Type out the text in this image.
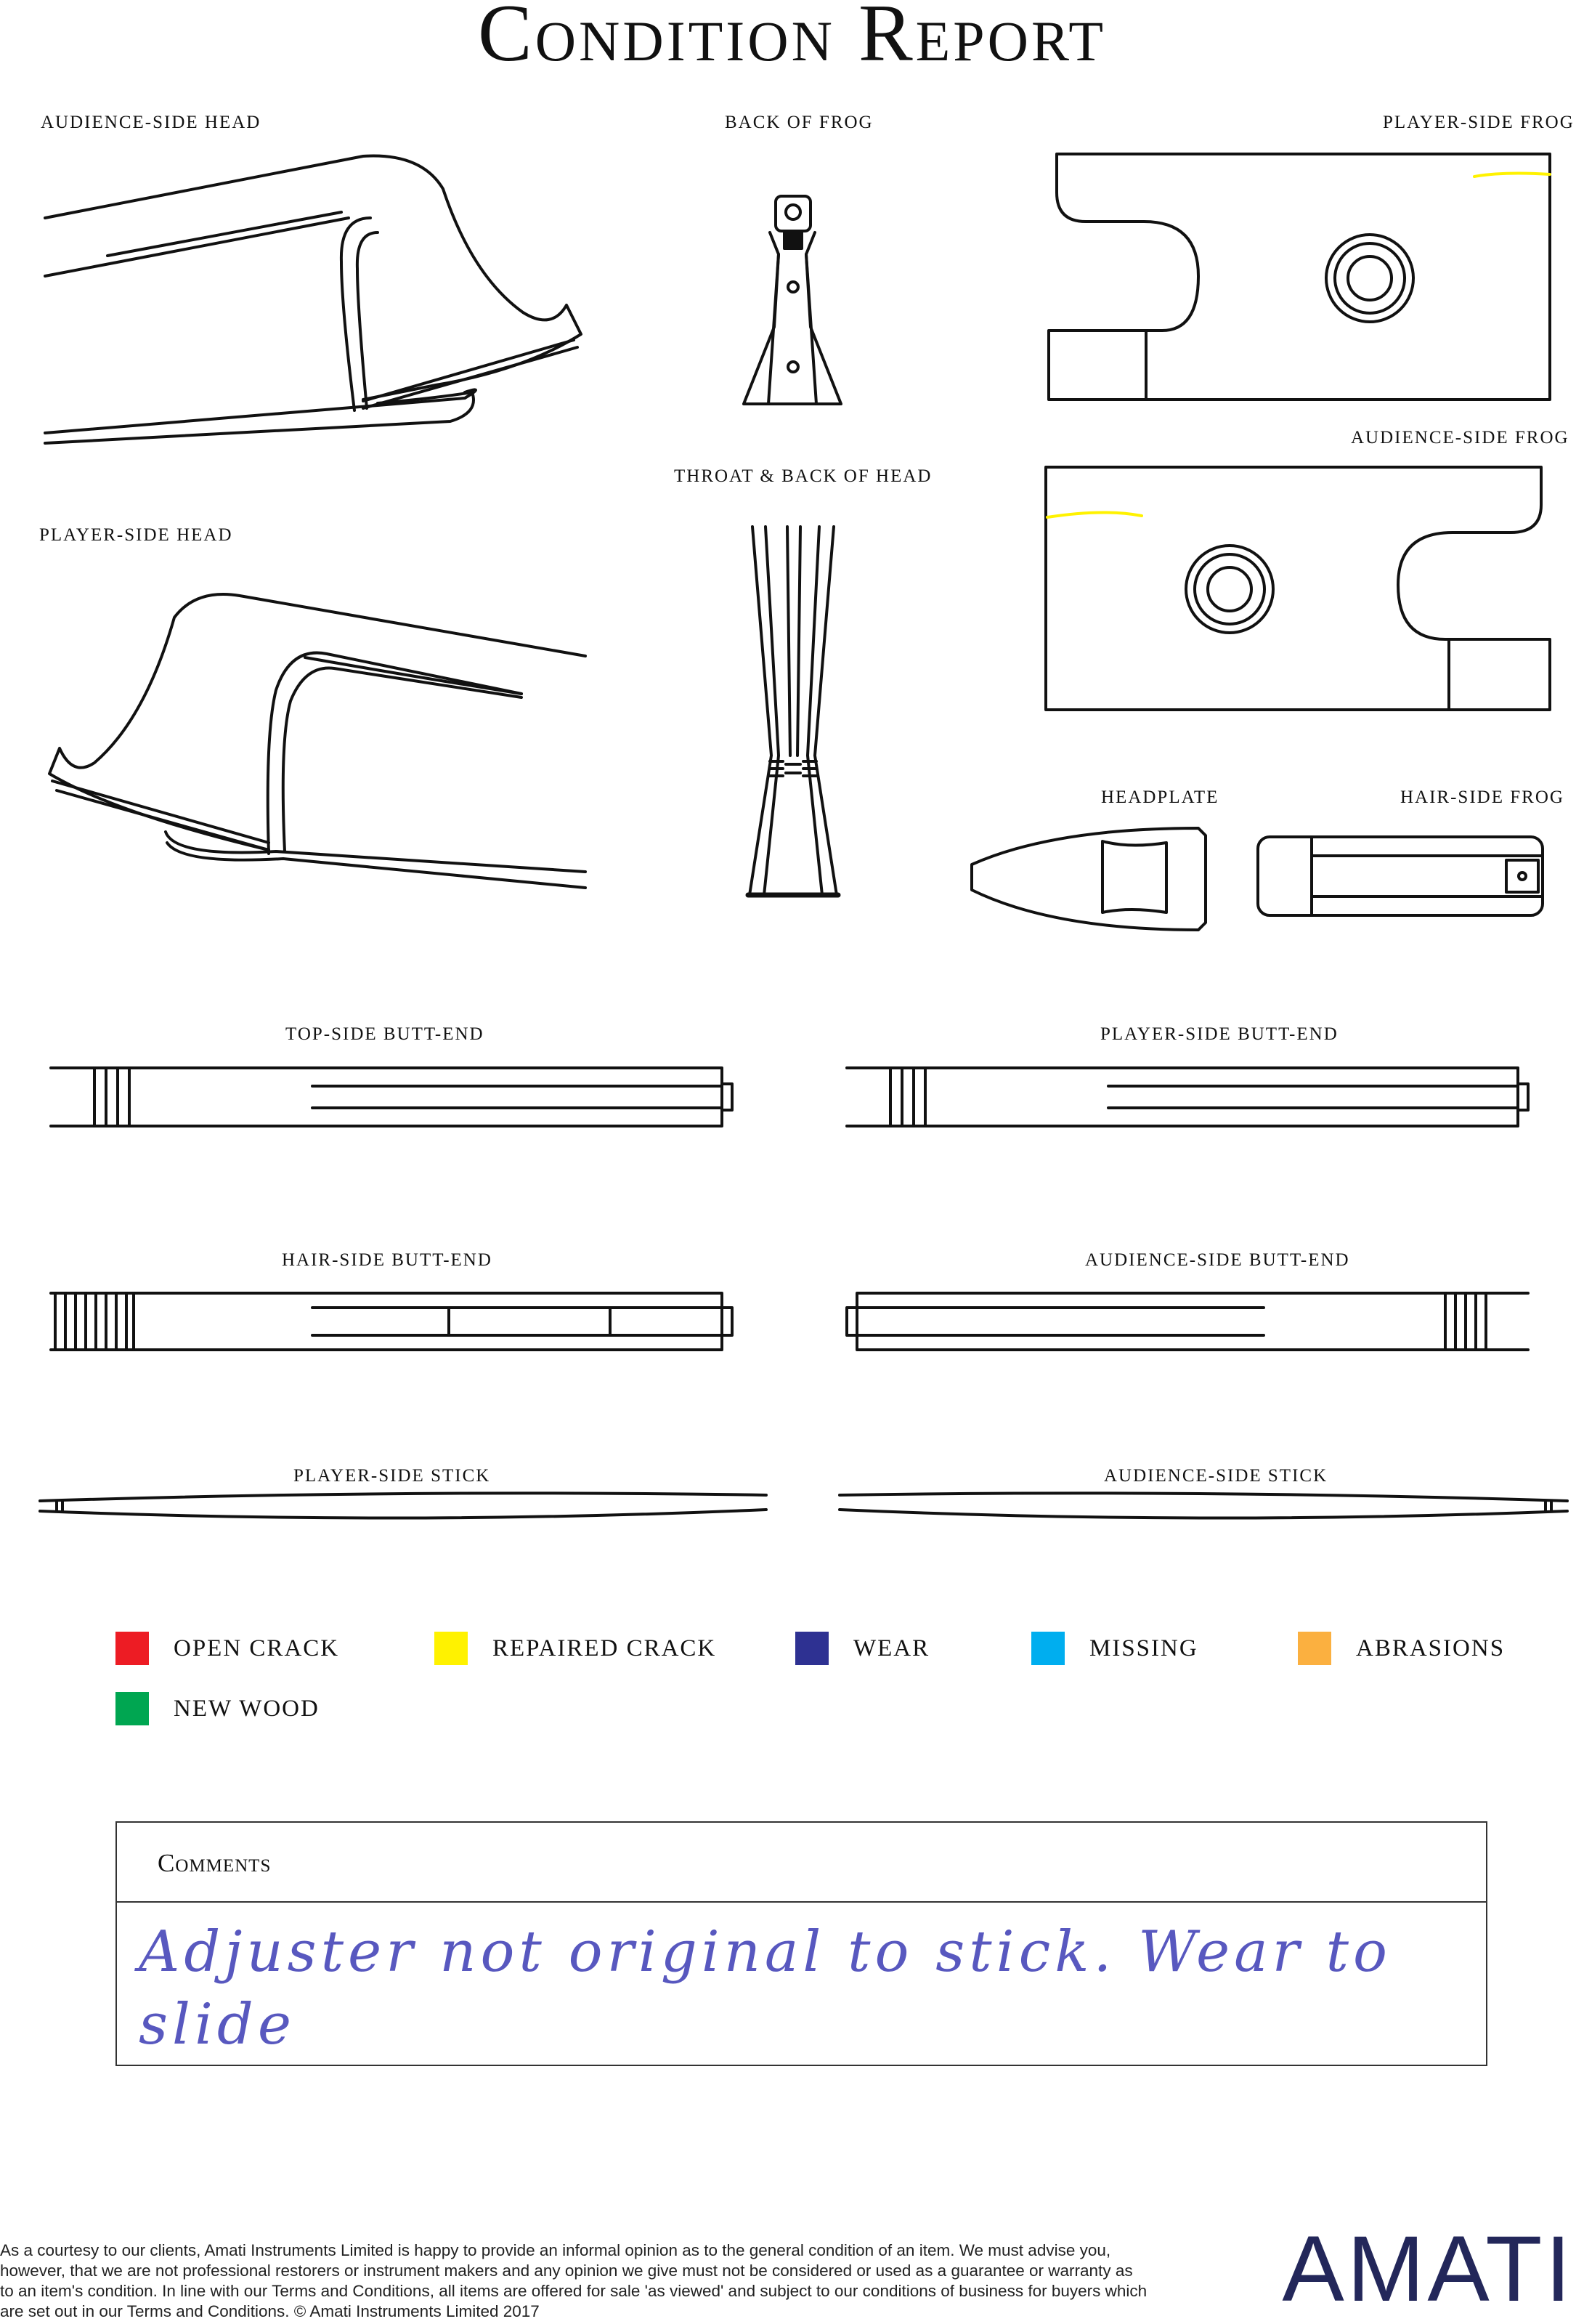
Condition Report
AUDIENCE-SIDE HEAD	BACK OF FROG	PLAYER-SIDE FROG
AUDIENCE-SIDE FROG
THROAT & BACK OF HEAD
PLAYER-SIDE HEAD
HEADPLATE	HAIR-SIDE FROG
TOP-SIDE BUTT-END	PLAYER-SIDE BUTT-END
HAIR-SIDE BUTT-END	AUDIENCE-SIDE BUTT-END
PLAYER-SIDE STICK	AUDIENCE-SIDE STICK
OPEN CRACK	REPAIRED CRACK	WEAR	MISSING	ABRASIONS
NEW WOOD
Comments
Adjuster not original to stick. Wear to slide
As a courtesy to our clients, Amati Instruments Limited is happy to provide an informal opinion as to the general condition of an item. We must advise you, however, that we are not professional restorers or instrument makers and any opinion we give must not be considered or used as a guarantee or warranty as to an item's condition. In line with our Terms and Conditions, all items are offered for sale 'as viewed' and subject to our conditions of business for buyers which are set out in our Terms and Conditions. © Amati Instruments Limited 2017	AMATI
